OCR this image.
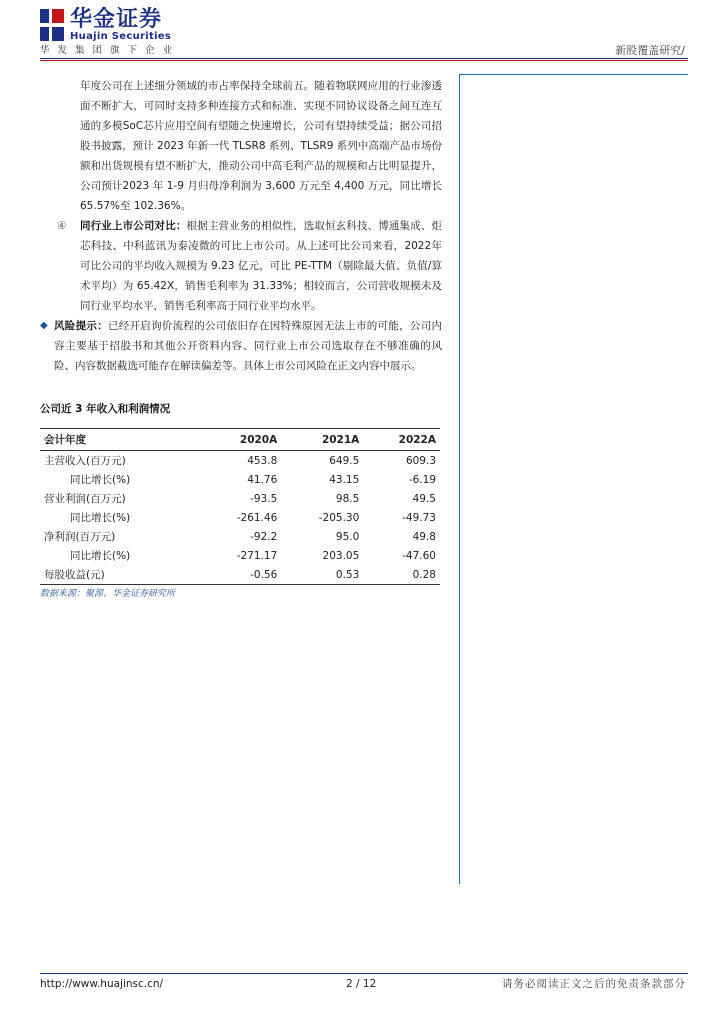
华金证券
Huajin Securities
华发集团旗下企业	新股覆盖研究/
年度公司在上述细分领域的市占率保持全球前五。随着物联网应用的行业渗透面不断扩大，可同时支持多种连接方式和标准、实现不同协议设备之间互连互通的多模SoC芯片应用空间有望随之快速增长，公司有望持续受益；据公司招股书披露，预计 2023 年新一代 TLSR8 系列、TLSR9 系列中高端产品市场份额和出货规模有望不断扩大，推动公司中高毛利产品的规模和占比明显提升，公司预计2023 年 1-9 月归母净利润为 3,600 万元至 4,400 万元，同比增长 65.57%至 102.36%。
④	同行业上市公司对比：根据主营业务的相似性，选取恒玄科技、博通集成、炬芯科技、中科蓝讯为泰凌微的可比上市公司。从上述可比公司来看，2022年可比公司的平均收入规模为 9.23 亿元，可比 PE-TTM（剔除最大值、负值/算术平均）为 65.42X，销售毛利率为 31.33%；相较而言，公司营收规模未及同行业平均水平，销售毛利率高于同行业平均水平。
◆ 风险提示：已经开启询价流程的公司依旧存在因特殊原因无法上市的可能，公司内容主要基于招股书和其他公开资料内容、同行业上市公司选取存在不够准确的风险、内容数据截选可能存在解读偏差等。具体上市公司风险在正文内容中展示。
公司近 3 年收入和利润情况
会计年度	2020A	2021A	2022A
主营收入(百万元)	453.8	649.5	609.3
同比增长(%)	41.76	43.15	-6.19
营业利润(百万元)	-93.5	98.5	49.5
同比增长(%)	-261.46	-205.30	-49.73
净利润(百万元)	-92.2	95.0	49.8
同比增长(%)	-271.17	203.05	-47.60
每股收益(元)	-0.56	0.53	0.28
数据来源：聚源、华金证券研究所
http://www.huajinsc.cn/	2 / 12	请务必阅读正文之后的免责条款部分
